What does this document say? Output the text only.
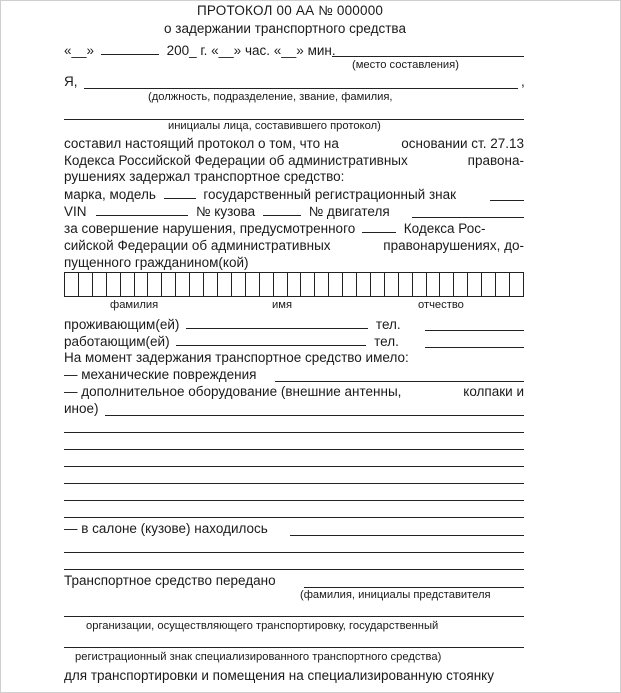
ПРОТОКОЛ 00 АА № 000000
о задержании транспортного средства
«__»	200_ г. «__» час. «__» мин.
(место составления)
Я,	,
(должность, подразделение, звание, фамилия,
инициалы лица, составившего протокол)
составил настоящий протокол о том, что на	основании ст. 27.13
Кодекса Российской Федерации об административных	правона-
рушениях задержал транспортное средство:
марка, модель	государственный регистрационный знак
VIN	№ кузова	№ двигателя
за совершение нарушения, предусмотренного	Кодекса Рос-
сийской Федерации об административных	правонарушениях, до-
пущенного гражданином(кой)
фамилия	имя	отчество
проживающим(ей)	тел.
работающим(ей)	тел.
На момент задержания транспортное средство имело:
— механические повреждения
— дополнительное оборудование (внешние антенны,	колпаки и
иное)
— в салоне (кузове) находилось
Транспортное средство передано
(фамилия, инициалы представителя
организации, осуществляющего транспортировку, государственный
регистрационный знак специализированного транспортного средства)
для транспортировки и помещения на специализированную стоянку
